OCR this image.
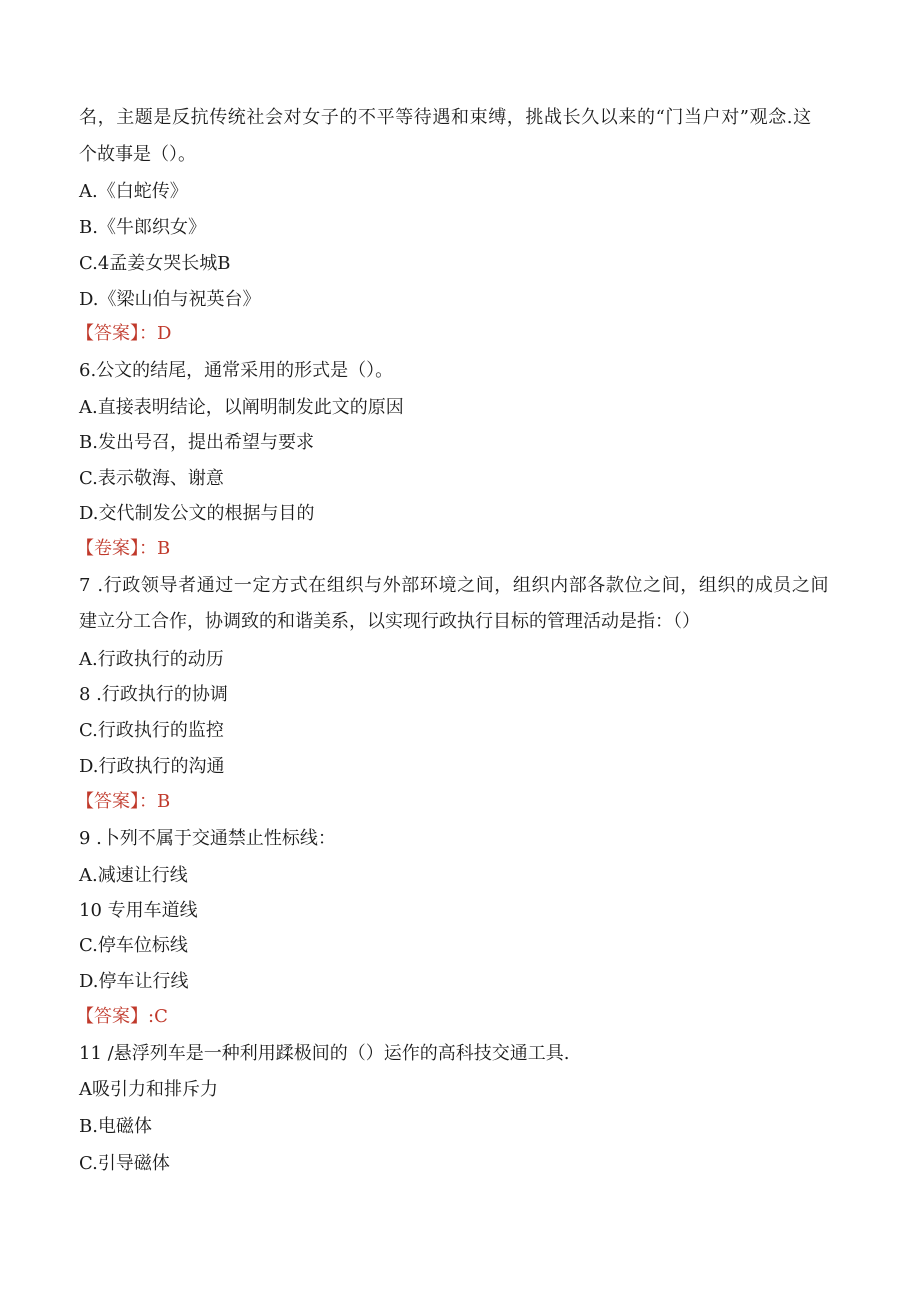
名，主题是反抗传统社会对女子的不平等待遇和束缚，挑战长久以来的“门当户对”观念.这
个故事是（）。
A.《白蛇传》
B.《牛郎织女》
C.4孟姜女哭长城B
D.《梁山伯与祝英台》
【答案】：D
6.公文的结尾，通常采用的形式是（）。
A.直接表明结论，以阐明制发此文的原因
B.发出号召，提出希望与要求
C.表示敬海、谢意
D.交代制发公文的根据与目的
【卷案】：B
7 .行政领导者通过一定方式在组织与外部环境之间，组织内部各款位之间，组织的成员之间
建立分工合作，协调致的和谐美系，以实现行政执行目标的管理活动是指：（）
A.行政执行的动历
8 .行政执行的协调
C.行政执行的监控
D.行政执行的沟通
【答案】：B
9 .卜列不属于交通禁止性标线：
A.减速让行线
10 专用车道线
C.停车位标线
D.停车让行线
【答案】:C
11 /悬浮列车是一种利用蹂极间的（）运作的高科技交通工具.
A吸引力和排斥力
B.电磁体
C.引导磁体
